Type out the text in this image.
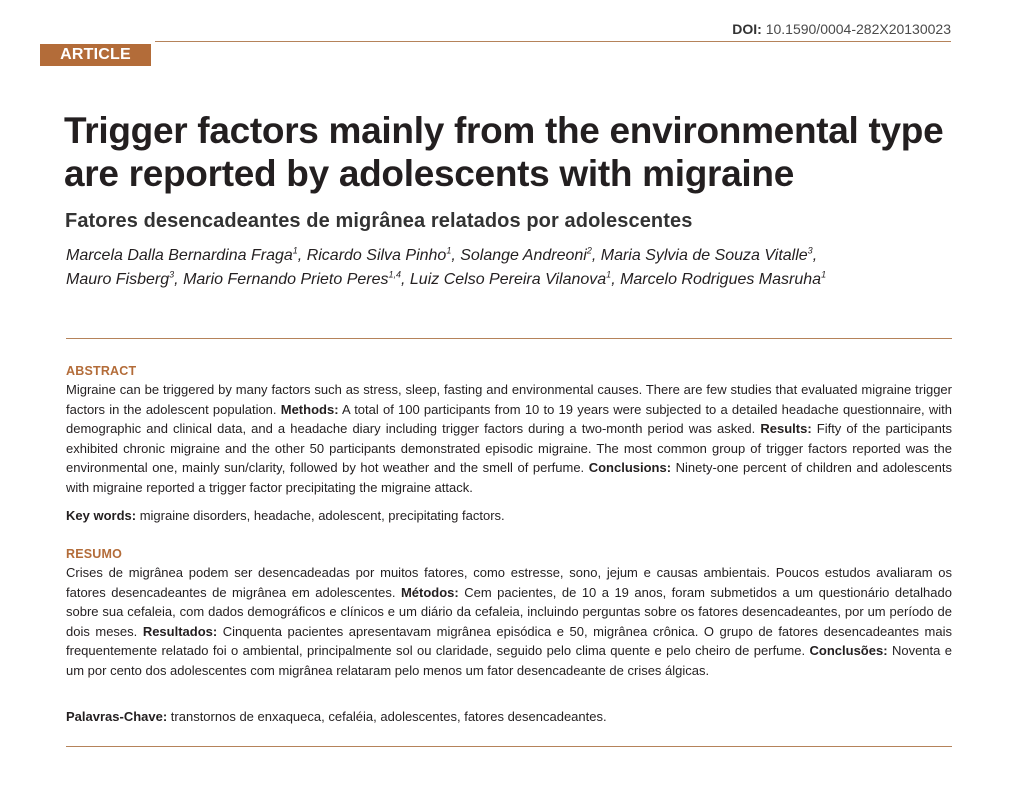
DOI: 10.1590/0004-282X20130023
ARTICLE
Trigger factors mainly from the environmental type are reported by adolescents with migraine
Fatores desencadeantes de migrânea relatados por adolescentes

Marcela Dalla Bernardina Fraga$^1$, Ricardo Silva Pinho$^1$, Solange Andreoni$^2$, Maria Sylvia de Souza Vitalle$^3$,
Mauro Fisberg$^3$, Mario Fernando Prieto Peres$^{1,4}$, Luiz Celso Pereira Vilanova$^1$, Marcelo Rodrigues Masruha$^1$

ABSTRACT

Migraine can be triggered by many factors such as stress, sleep, fasting and environmental causes. There are few studies that evaluated migraine trigger factors in the adolescent population. Methods: A total of 100 participants from 10 to 19 years were subjected to a detailed headache questionnaire, with demographic and clinical data, and a headache diary including trigger factors during a two-month period was asked. Results: Fifty of the participants exhibited chronic migraine and the other 50 participants demonstrated episodic migraine. The most common group of trigger factors reported was the environmental one, mainly sun/clarity, followed by hot weather and the smell of perfume. Conclusions: Ninety-one percent of children and adolescents with migraine reported a trigger factor precipitating the migraine attack.

Key words: migraine disorders, headache, adolescent, precipitating factors.

RESUMO

Crises de migrânea podem ser desencadeadas por muitos fatores, como estresse, sono, jejum e causas ambientais. Poucos estudos avaliaram os fatores desencadeantes de migrânea em adolescentes. Métodos: Cem pacientes, de 10 a 19 anos, foram submetidos a um questionário detalhado sobre sua cefaleia, com dados demográficos e clínicos e um diário da cefaleia, incluindo perguntas sobre os fatores desencadeantes, por um período de dois meses. Resultados: Cinquenta pacientes apresentavam migrânea episódica e 50, migrânea crônica. O grupo de fatores desencadeantes mais frequentemente relatado foi o ambiental, principalmente sol ou claridade, seguido pelo clima quente e pelo cheiro de perfume. Conclusões: Noventa e um por cento dos adolescentes com migrânea relataram pelo menos um fator desencadeante de crises álgicas.

Palavras-Chave: transtornos de enxaqueca, cefaléia, adolescentes, fatores desencadeantes.
